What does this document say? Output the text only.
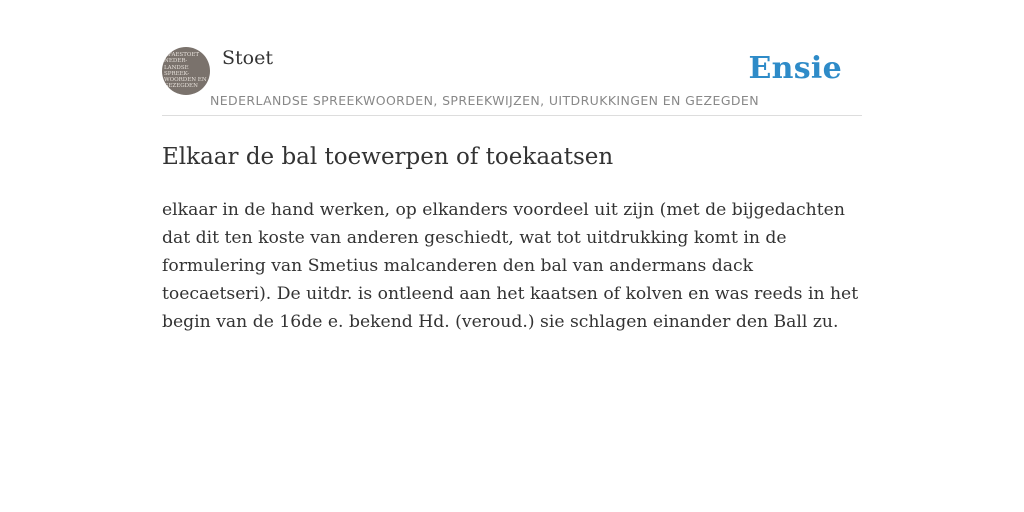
KFAESTOET
NEDER-
LANDSE
SPREEK-
WOORDEN EN
GEZEGDEN
Stoet
NEDERLANDSE SPREEKWOORDEN, SPREEKWIJZEN, UITDRUKKINGEN EN GEZEGDEN
Ensie
Elkaar de bal toewerpen of toekaatsen

elkaar in de hand werken, op elkanders voordeel uit zijn (met de bijgedachten dat dit ten koste van anderen geschiedt, wat tot uitdrukking komt in de formulering van Smetius malcanderen den bal van andermans dack toecaetseri). De uitdr. is ontleend aan het kaatsen of kolven en was reeds in het begin van de 16de e. bekend Hd. (veroud.) sie schlagen einander den Ball zu.
